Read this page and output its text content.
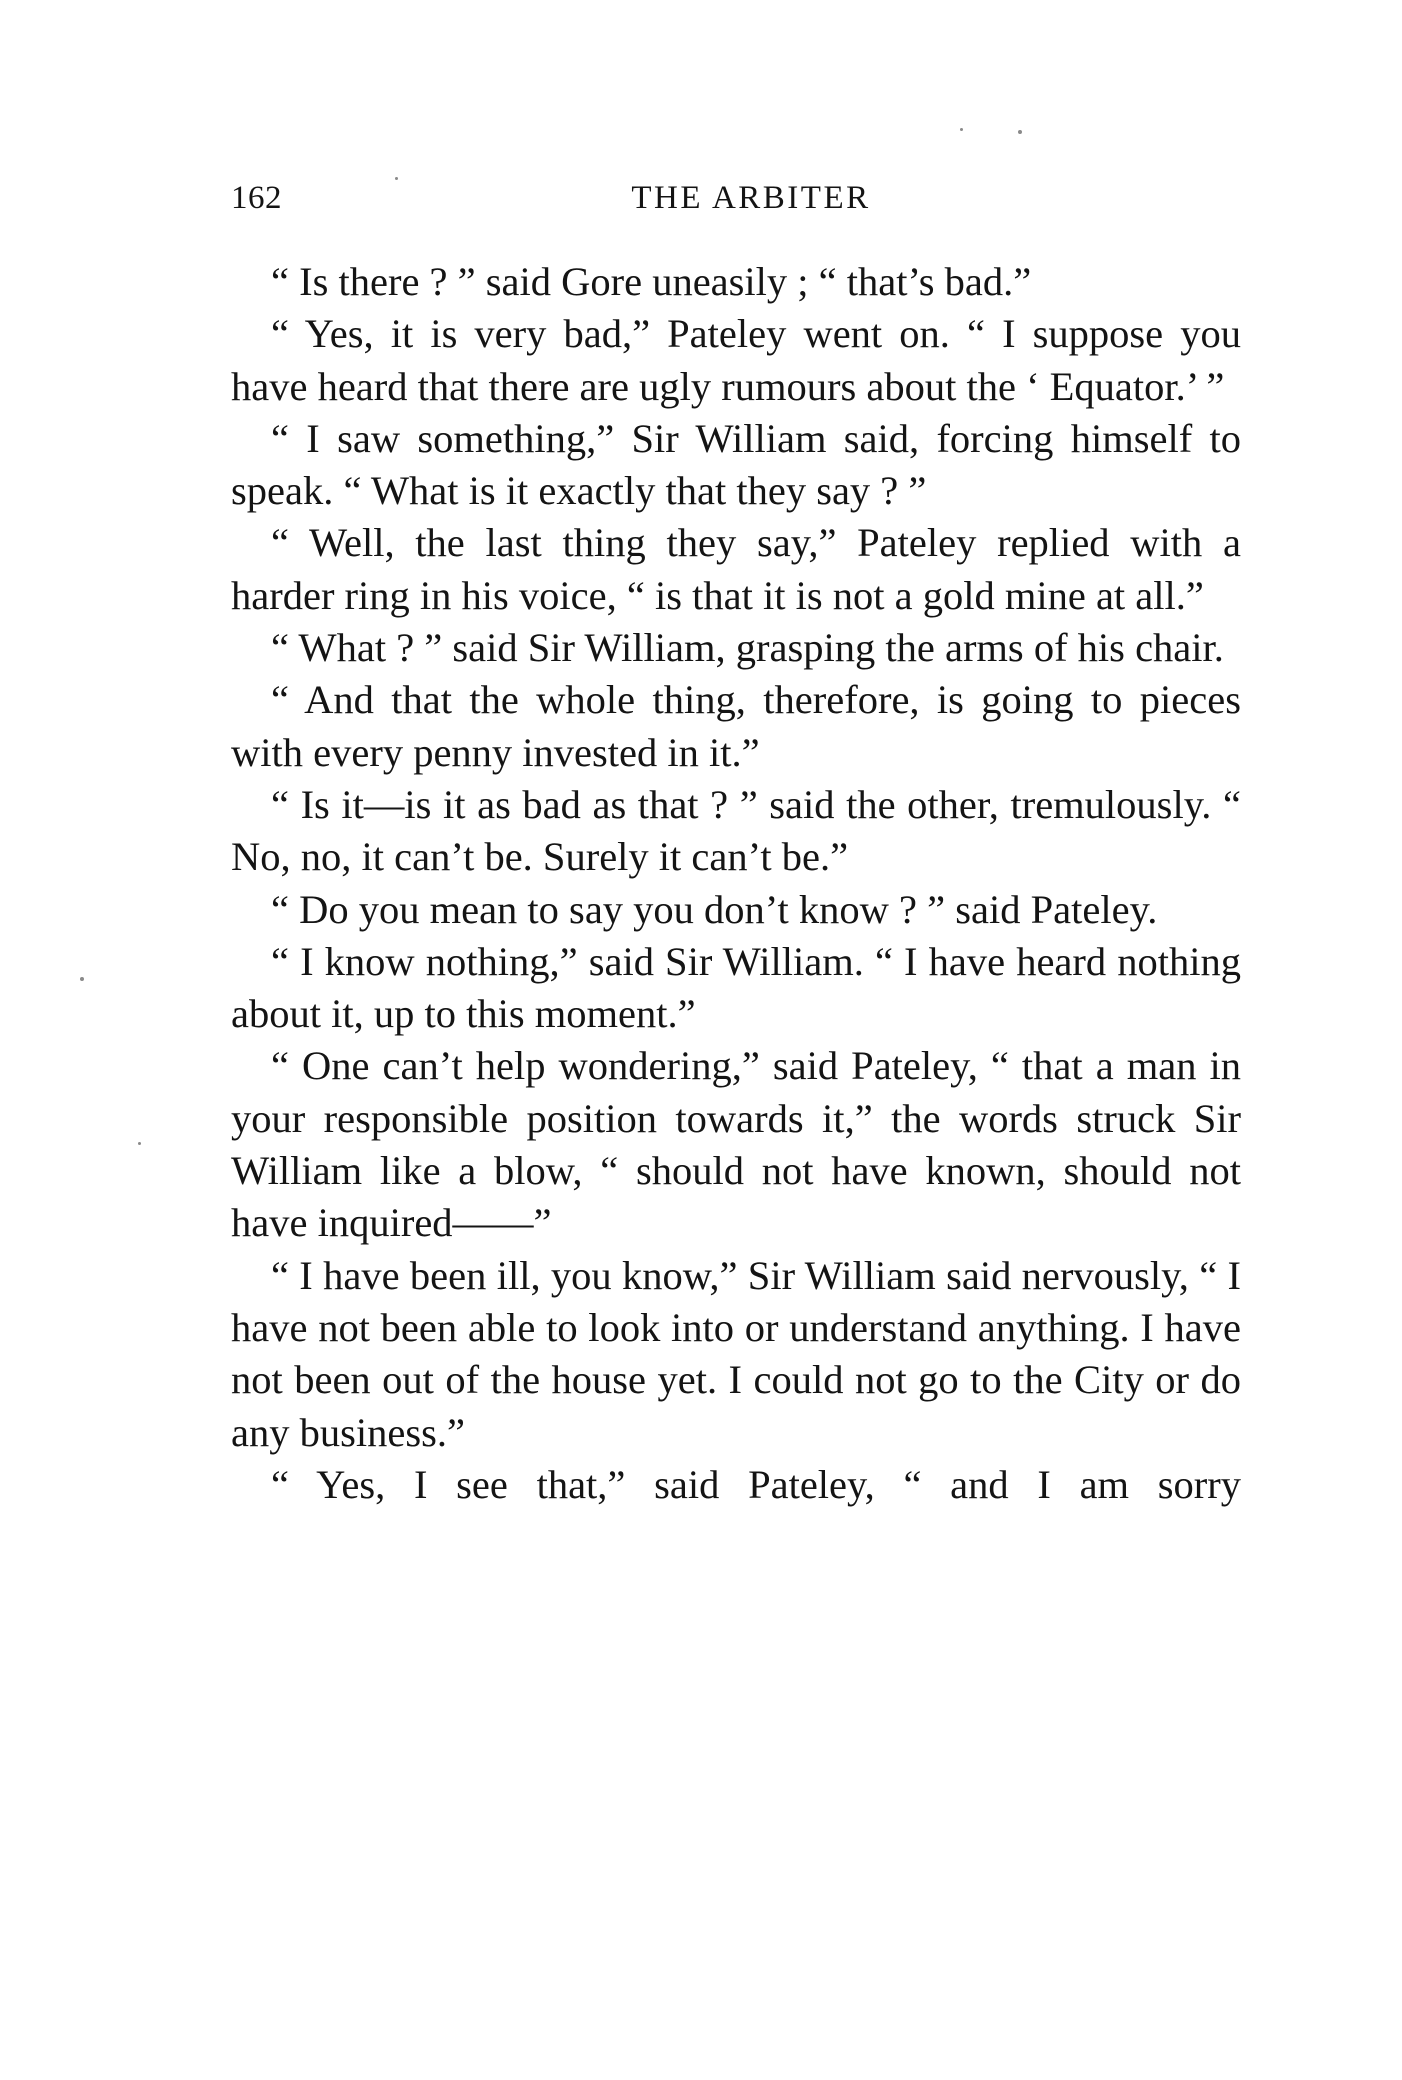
162	THE ARBITER

“ Is there ? ” said Gore uneasily ; “ that’s bad.”

“ Yes, it is very bad,” Pateley went on. “ I suppose you have heard that there are ugly rumours about the ‘ Equator.’ ”

“ I saw something,” Sir William said, forcing himself to speak. “ What is it exactly that they say ? ”

“ Well, the last thing they say,” Pateley replied with a harder ring in his voice, “ is that it is not a gold mine at all.”

“ What ? ” said Sir William, grasping the arms of his chair.

“ And that the whole thing, therefore, is going to pieces with every penny invested in it.”

“ Is it—is it as bad as that ? ” said the other, tremulously. “ No, no, it can’t be. Surely it can’t be.”

“ Do you mean to say you don’t know ? ” said Pateley.

“ I know nothing,” said Sir William. “ I have heard nothing about it, up to this moment.”

“ One can’t help wondering,” said Pateley, “ that a man in your responsible position towards it,” the words struck Sir William like a blow, “ should not have known, should not have inquired——”

“ I have been ill, you know,” Sir William said nervously, “ I have not been able to look into or understand anything. I have not been out of the house yet. I could not go to the City or do any business.”

“ Yes, I see that,” said Pateley, “ and I am sorry
